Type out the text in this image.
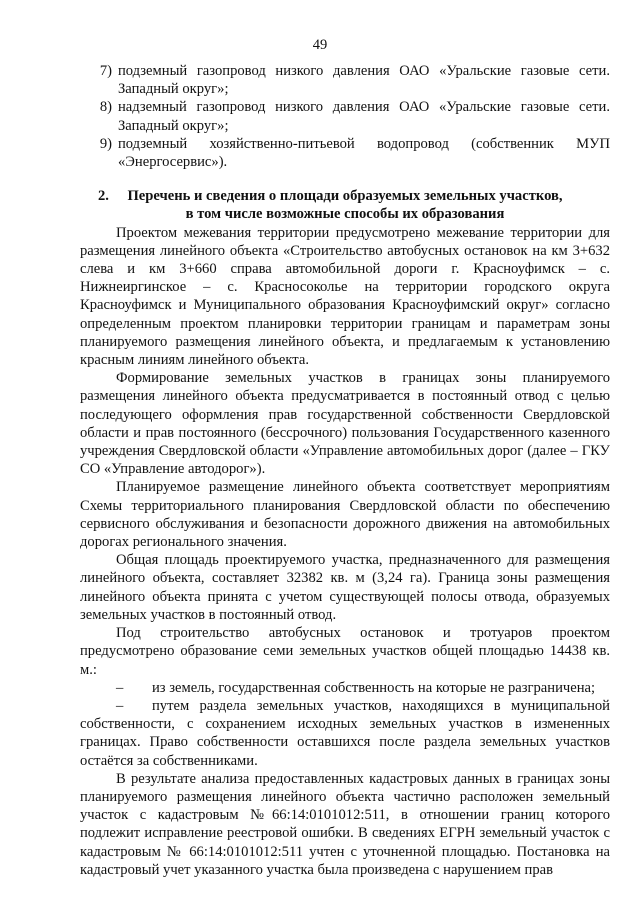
49
7) подземный газопровод низкого давления ОАО «Уральские газовые сети. Западный округ»;
8) надземный газопровод низкого давления ОАО «Уральские газовые сети. Западный округ»;
9) подземный хозяйственно-питьевой водопровод (собственник МУП «Энергосервис»).
2.	Перечень и сведения о площади образуемых земельных участков,
в том числе возможные способы их образования

Проектом межевания территории предусмотрено межевание территории для размещения линейного объекта «Строительство автобусных остановок на км 3+632 слева и км 3+660 справа автомобильной дороги г. Красноуфимск – с. Нижнеиргинское – с. Красносоколье на территории городского округа Красноуфимск и Муниципального образования Красноуфимский округ» согласно определенным проектом планировки территории границам и параметрам зоны планируемого размещения линейного объекта, и предлагаемым к установлению красным линиям линейного объекта.

Формирование земельных участков в границах зоны планируемого размещения линейного объекта предусматривается в постоянный отвод с целью последующего оформления прав государственной собственности Свердловской области и прав постоянного (бессрочного) пользования Государственного казенного учреждения Свердловской области «Управление автомобильных дорог (далее – ГКУ СО «Управление автодорог»).

Планируемое размещение линейного объекта соответствует мероприятиям Схемы территориального планирования Свердловской области по обеспечению сервисного обслуживания и безопасности дорожного движения на автомобильных дорогах регионального значения.

Общая площадь проектируемого участка, предназначенного для размещения линейного объекта, составляет 32382 кв. м (3,24 га). Граница зоны размещения линейного объекта принята с учетом существующей полосы отвода, образуемых земельных участков в постоянный отвод.

Под строительство автобусных остановок и тротуаров проектом предусмотрено образование семи земельных участков общей площадью 14438 кв. м.:

–	из земель, государственная собственность на которые не разграничена;

– путем раздела земельных участков, находящихся в муниципальной собственности, с сохранением исходных земельных участков в измененных границах. Право собственности оставшихся после раздела земельных участков остаётся за собственниками.

В результате анализа предоставленных кадастровых данных в границах зоны планируемого размещения линейного объекта частично расположен земельный участок с кадастровым №66:14:0101012:511, в отношении границ которого подлежит исправление реестровой ошибки. В сведениях ЕГРН земельный участок с кадастровым № 66:14:0101012:511 учтен с уточненной площадью. Постановка на кадастровый учет указанного участка была произведена с нарушением прав
